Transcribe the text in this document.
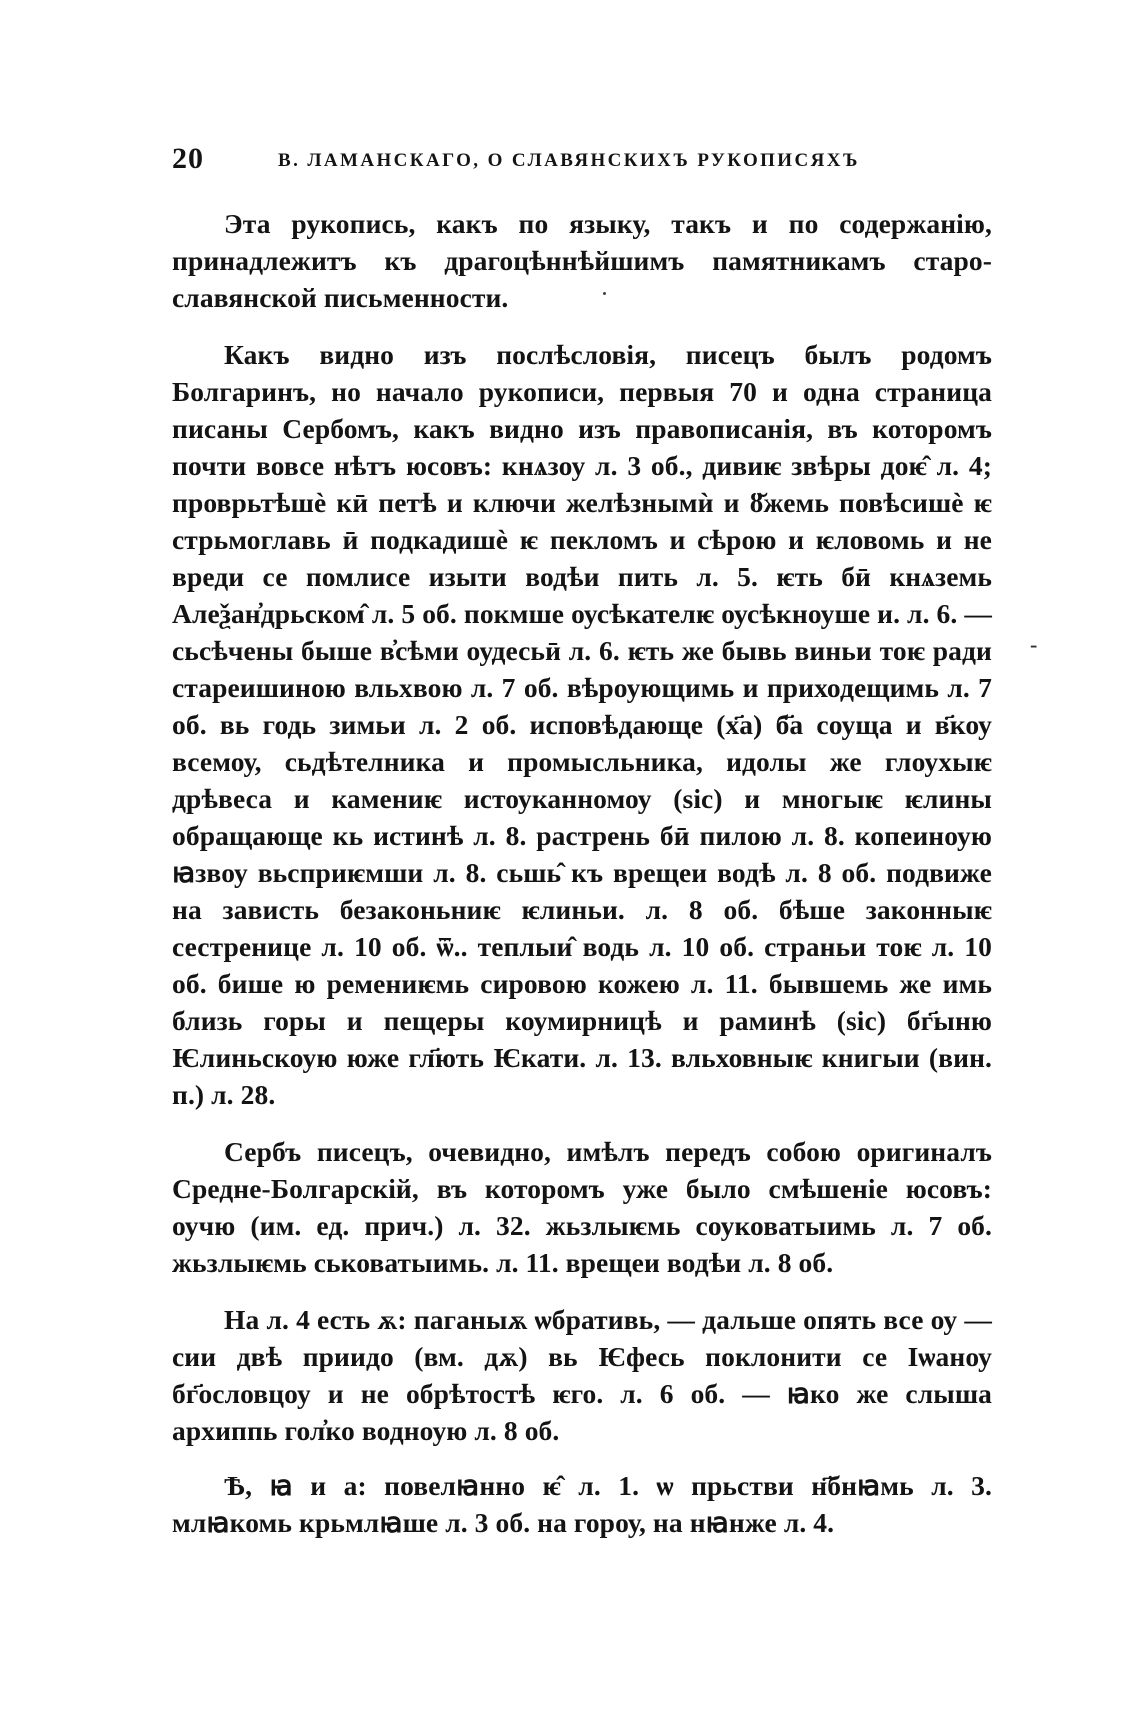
20	В. ЛАМАНСКАГО, О СЛАВЯНСКИХЪ РУКОПИСЯХЪ
-

Эта рукопись, какъ по языку, такъ и по содержанію, принадлежитъ къ драгоцѣннѣйшимъ памятникамъ старо-славянской письменности.

Какъ видно изъ послѣсловія, писецъ былъ родомъ Болгаринъ, но начало рукописи, первыя 70 и одна страница писаны Сербомъ, какъ видно изъ правописанія, въ которомъ почти вовсе нѣтъ юсовъ: кнѧзоу л. 3 об., дивиѥ звѣры доѥ̂ л. 4; проврьтѣшѐ кӣ петѣ и ключи желѣзнымѝ и ȣ̆жемь повѣсишѐ ѥ стрьмоглавь ӣ подкадишѐ ѥ пекломъ и сѣрою и ѥловомь и не вреди се помлисе изыти водѣи пить л. 5. ѥть бӣ кнѧземь Алеѯан̓дрьском̂ л. 5 об. покмше оусѣкателѥ оусѣкноуше и. л. 6. — сьсѣчены быше в̓сѣми оудесьӣ л. 6. ѥть же бывь виньи тоѥ ради стареишиною вльхвою л. 7 об. вѣроующимь и приходещимь л. 7 об. вь годь зимьи л. 2 об. исповѣдающе (х҃а) б҃а соуща и в҃коу всемоу, сьдѣтелника и промысльника, идолы же глоухыѥ дрѣвеса и камениѥ истоуканномоу (sic) и многыѥ ѥлины обращающе кь истинѣ л. 8. растрень бӣ пилою л. 8. копеиноую ꙗзвоу вьсприѥмши л. 8. сьшь̂ къ врещеи водѣ л. 8 об. подвиже на зависть безаконьниѥ ѥлиньи. л. 8 об. бѣше законныѥ сестренице л. 10 об. ѿ.. теплыи̂ водь л. 10 об. страньи тоѥ л. 10 об. бише ю ремениѥмь сировою кожею л. 11. бывшемь же имь близь горы и пещеры коумирницѣ и раминѣ (sic) бг҃ыню Ѥлиньскоую юже гл҃ють Ѥкати. л. 13. вльховныѥ книгыи (вин. п.) л. 28.

Сербъ писецъ, очевидно, имѣлъ передъ собою оригиналъ Средне-Болгарскій, въ которомъ уже было смѣшеніе юсовъ: оучю (им. ед. прич.) л. 32. жьзлыѥмь соуковатыимь л. 7 об. жьзлыѥмь ськоватыимь. л. 11. врещеи водѣи л. 8 об.

На л. 4 есть ѫ: паганыѫ ѡбративь, — дальше опять все оу — сии двѣ приидо (вм. дѫ) вь Ѥфесь поклонити се Іѡаноу бг҃ословцоу и не обрѣтостѣ ѥго. л. 6 об. — ꙗко же слыша архиппь гол̓ко водноую л. 8 об.

Ѣ, ꙗ и а: повелꙗнно ѥ̂ л. 1. ѡ прьстви н҃бнꙗмь л. 3. млꙗкомь крьмлꙗше л. 3 об. на гороу, на нꙗнже л. 4.
